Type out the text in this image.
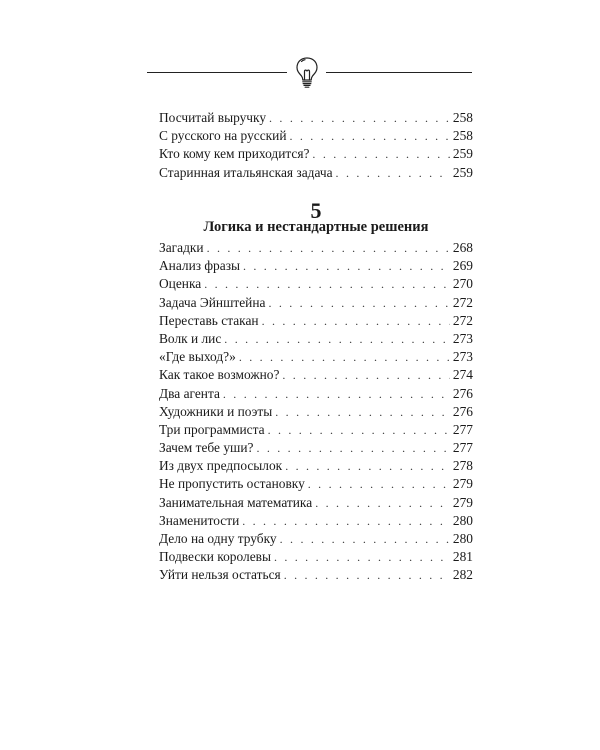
Посчитай выручку . . .	258
С русского на русский . . .	258
Кто кому кем приходится? . . .	259
Старинная итальянская задача . . .	259
5
Логика и нестандартные решения
Загадки . . .	268
Анализ фразы . . .	269
Оценка . . .	270
Задача Эйнштейна . . .	272
Переставь стакан . . .	272
Волк и лис . . .	273
«Где выход?» . . .	273
Как такое возможно? . . .	274
Два агента . . .	276
Художники и поэты . . .	276
Три программиста . . .	277
Зачем тебе уши? . . .	277
Из двух предпосылок . . .	278
Не пропустить остановку . . .	279
Занимательная математика . . .	279
Знаменитости . . .	280
Дело на одну трубку . . .	280
Подвески королевы . . .	281
Уйти нельзя остаться . . .	282
